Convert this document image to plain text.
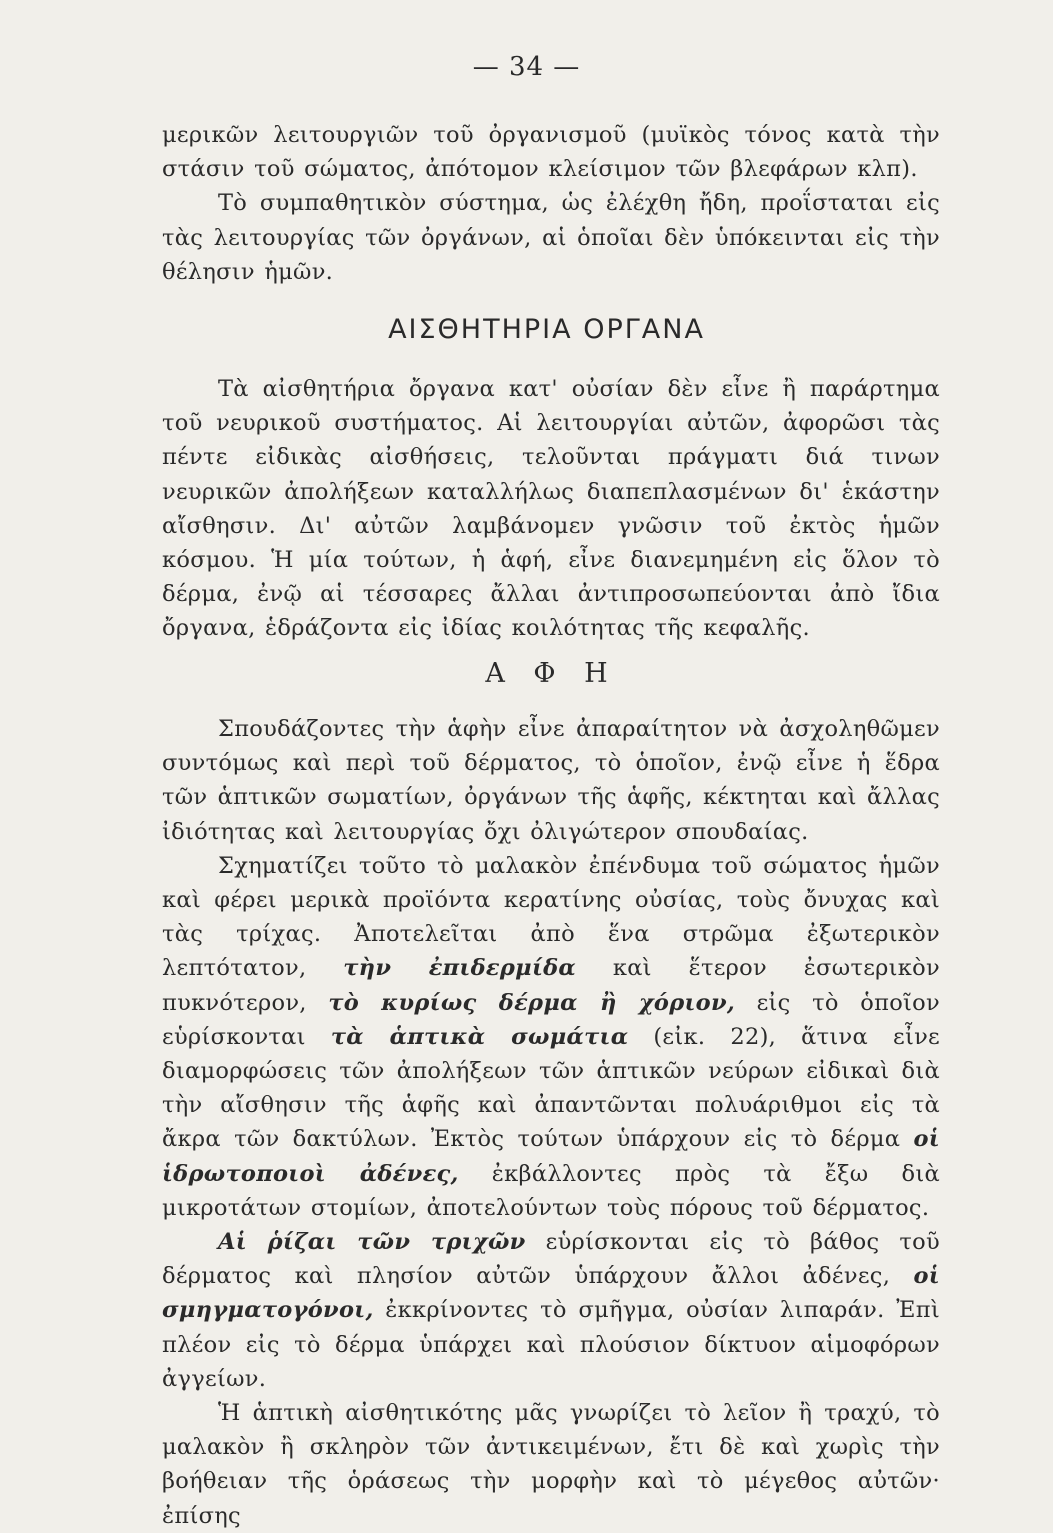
— 34 —

μερικῶν λειτουργιῶν τοῦ ὀργανισμοῦ (μυϊκὸς τόνος κατὰ τὴν στάσιν τοῦ σώματος, ἀπότομον κλείσιμον τῶν βλεφάρων κλπ).

Τὸ συμπαθητικὸν σύστημα, ὡς ἐλέχθη ἤδη, προΐσταται εἰς τὰς λειτουργίας τῶν ὀργάνων, αἱ ὁποῖαι δὲν ὑπόκεινται εἰς τὴν θέλησιν ἡμῶν.

ΑΙΣΘΗΤΗΡΙΑ ΟΡΓΑΝΑ

Τὰ αἰσθητήρια ὄργανα κατ' οὐσίαν δὲν εἶνε ἢ παράρτημα τοῦ νευρικοῦ συστήματος. Αἱ λειτουργίαι αὐτῶν, ἀφορῶσι τὰς πέντε εἰδικὰς αἰσθήσεις, τελοῦνται πράγματι διά τινων νευρικῶν ἀπολήξεων καταλλήλως διαπεπλασμένων δι' ἑκάστην αἴσθησιν. Δι' αὐτῶν λαμβάνομεν γνῶσιν τοῦ ἐκτὸς ἡμῶν κόσμου. Ἡ μία τούτων, ἡ ἁφή, εἶνε διανεμημένη εἰς ὅλον τὸ δέρμα, ἐνῷ αἱ τέσσαρες ἄλλαι ἀντιπροσωπεύονται ἀπὸ ἴδια ὄργανα, ἑδράζοντα εἰς ἰδίας κοιλότητας τῆς κεφαλῆς.

Α Φ Η

Σπουδάζοντες τὴν ἁφὴν εἶνε ἀπαραίτητον νὰ ἀσχοληθῶμεν συντόμως καὶ περὶ τοῦ δέρματος, τὸ ὁποῖον, ἐνῷ εἶνε ἡ ἕδρα τῶν ἁπτικῶν σωματίων, ὀργάνων τῆς ἁφῆς, κέκτηται καὶ ἄλλας ἰδιότητας καὶ λειτουργίας ὄχι ὀλιγώτερον σπουδαίας.

Σχηματίζει τοῦτο τὸ μαλακὸν ἐπένδυμα τοῦ σώματος ἡμῶν καὶ φέρει μερικὰ προϊόντα κερατίνης οὐσίας, τοὺς ὄνυχας καὶ τὰς τρίχας. Ἀποτελεῖται ἀπὸ ἕνα στρῶμα ἐξωτερικὸν λεπτότατον, τὴν ἐπιδερμίδα καὶ ἕτερον ἐσωτερικὸν πυκνότερον, τὸ κυρίως δέρμα ἢ χόριον, εἰς τὸ ὁποῖον εὑρίσκονται τὰ ἁπτικὰ σωμάτια (εἰκ. 22), ἅτινα εἶνε διαμορφώσεις τῶν ἀπολήξεων τῶν ἁπτικῶν νεύρων εἰδικαὶ διὰ τὴν αἴσθησιν τῆς ἁφῆς καὶ ἀπαντῶνται πολυάριθμοι εἰς τὰ ἄκρα τῶν δακτύλων. Ἐκτὸς τούτων ὑπάρχουν εἰς τὸ δέρμα οἱ ἱδρωτοποιοὶ ἀδένες, ἐκβάλλοντες πρὸς τὰ ἔξω διὰ μικροτάτων στομίων, ἀποτελούντων τοὺς πόρους τοῦ δέρματος.

Αἱ ῥίζαι τῶν τριχῶν εὑρίσκονται εἰς τὸ βάθος τοῦ δέρματος καὶ πλησίον αὐτῶν ὑπάρχουν ἄλλοι ἀδένες, οἱ σμηγματογόνοι, ἐκκρίνοντες τὸ σμῆγμα, οὐσίαν λιπαράν. Ἐπὶ πλέον εἰς τὸ δέρμα ὑπάρχει καὶ πλούσιον δίκτυον αἱμοφόρων ἀγγείων.

Ἡ ἁπτικὴ αἰσθητικότης μᾶς γνωρίζει τὸ λεῖον ἢ τραχύ, τὸ μαλακὸν ἢ σκληρὸν τῶν ἀντικειμένων, ἔτι δὲ καὶ χωρὶς τὴν βοήθειαν τῆς ὁράσεως τὴν μορφὴν καὶ τὸ μέγεθος αὐτῶν· ἐπίσης
